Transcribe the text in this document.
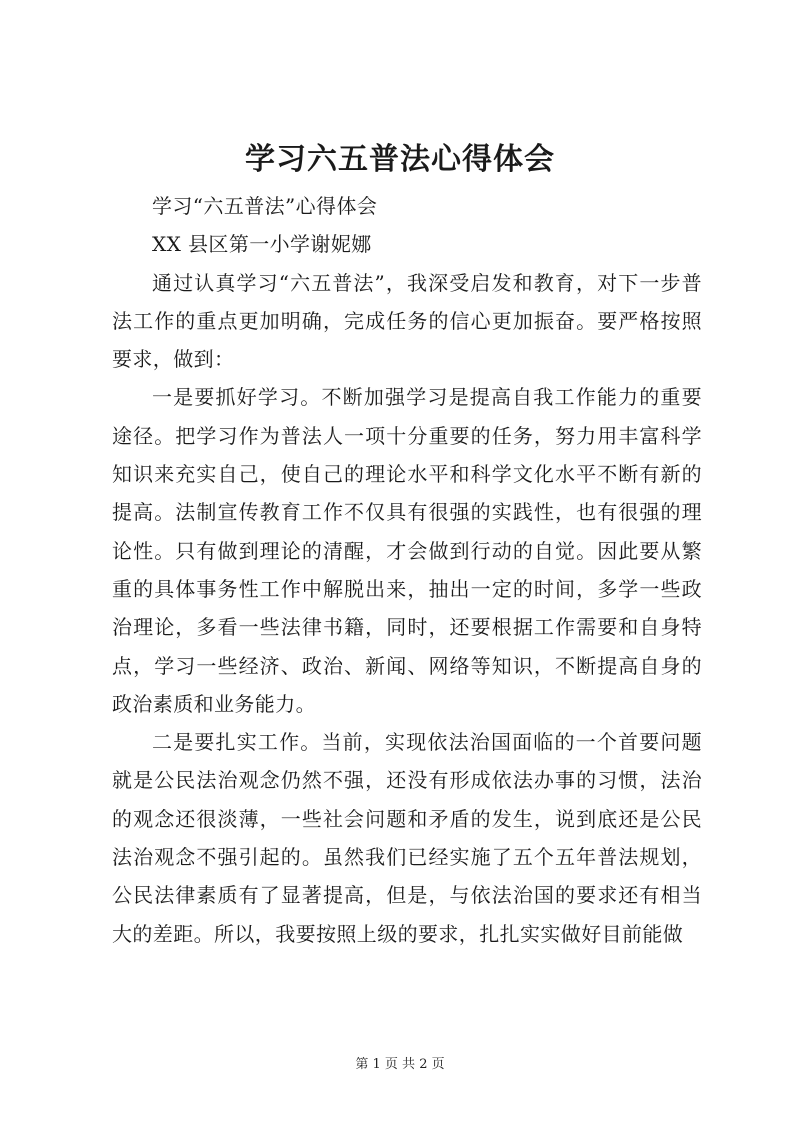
学习六五普法心得体会

学习“六五普法”心得体会

XX 县区第一小学谢妮娜

通过认真学习“六五普法”，我深受启发和教育，对下一步普法工作的重点更加明确，完成任务的信心更加振奋。要严格按照要求，做到：

一是要抓好学习。不断加强学习是提高自我工作能力的重要途径。把学习作为普法人一项十分重要的任务，努力用丰富科学知识来充实自己，使自己的理论水平和科学文化水平不断有新的提高。法制宣传教育工作不仅具有很强的实践性，也有很强的理论性。只有做到理论的清醒，才会做到行动的自觉。因此要从繁重的具体事务性工作中解脱出来，抽出一定的时间，多学一些政治理论，多看一些法律书籍，同时，还要根据工作需要和自身特点，学习一些经济、政治、新闻、网络等知识，不断提高自身的政治素质和业务能力。

二是要扎实工作。当前，实现依法治国面临的一个首要问题就是公民法治观念仍然不强，还没有形成依法办事的习惯，法治的观念还很淡薄，一些社会问题和矛盾的发生，说到底还是公民法治观念不强引起的。虽然我们已经实施了五个五年普法规划，公民法律素质有了显著提高，但是，与依法治国的要求还有相当大的差距。所以，我要按照上级的要求，扎扎实实做好目前能做

第 1 页 共 2 页
